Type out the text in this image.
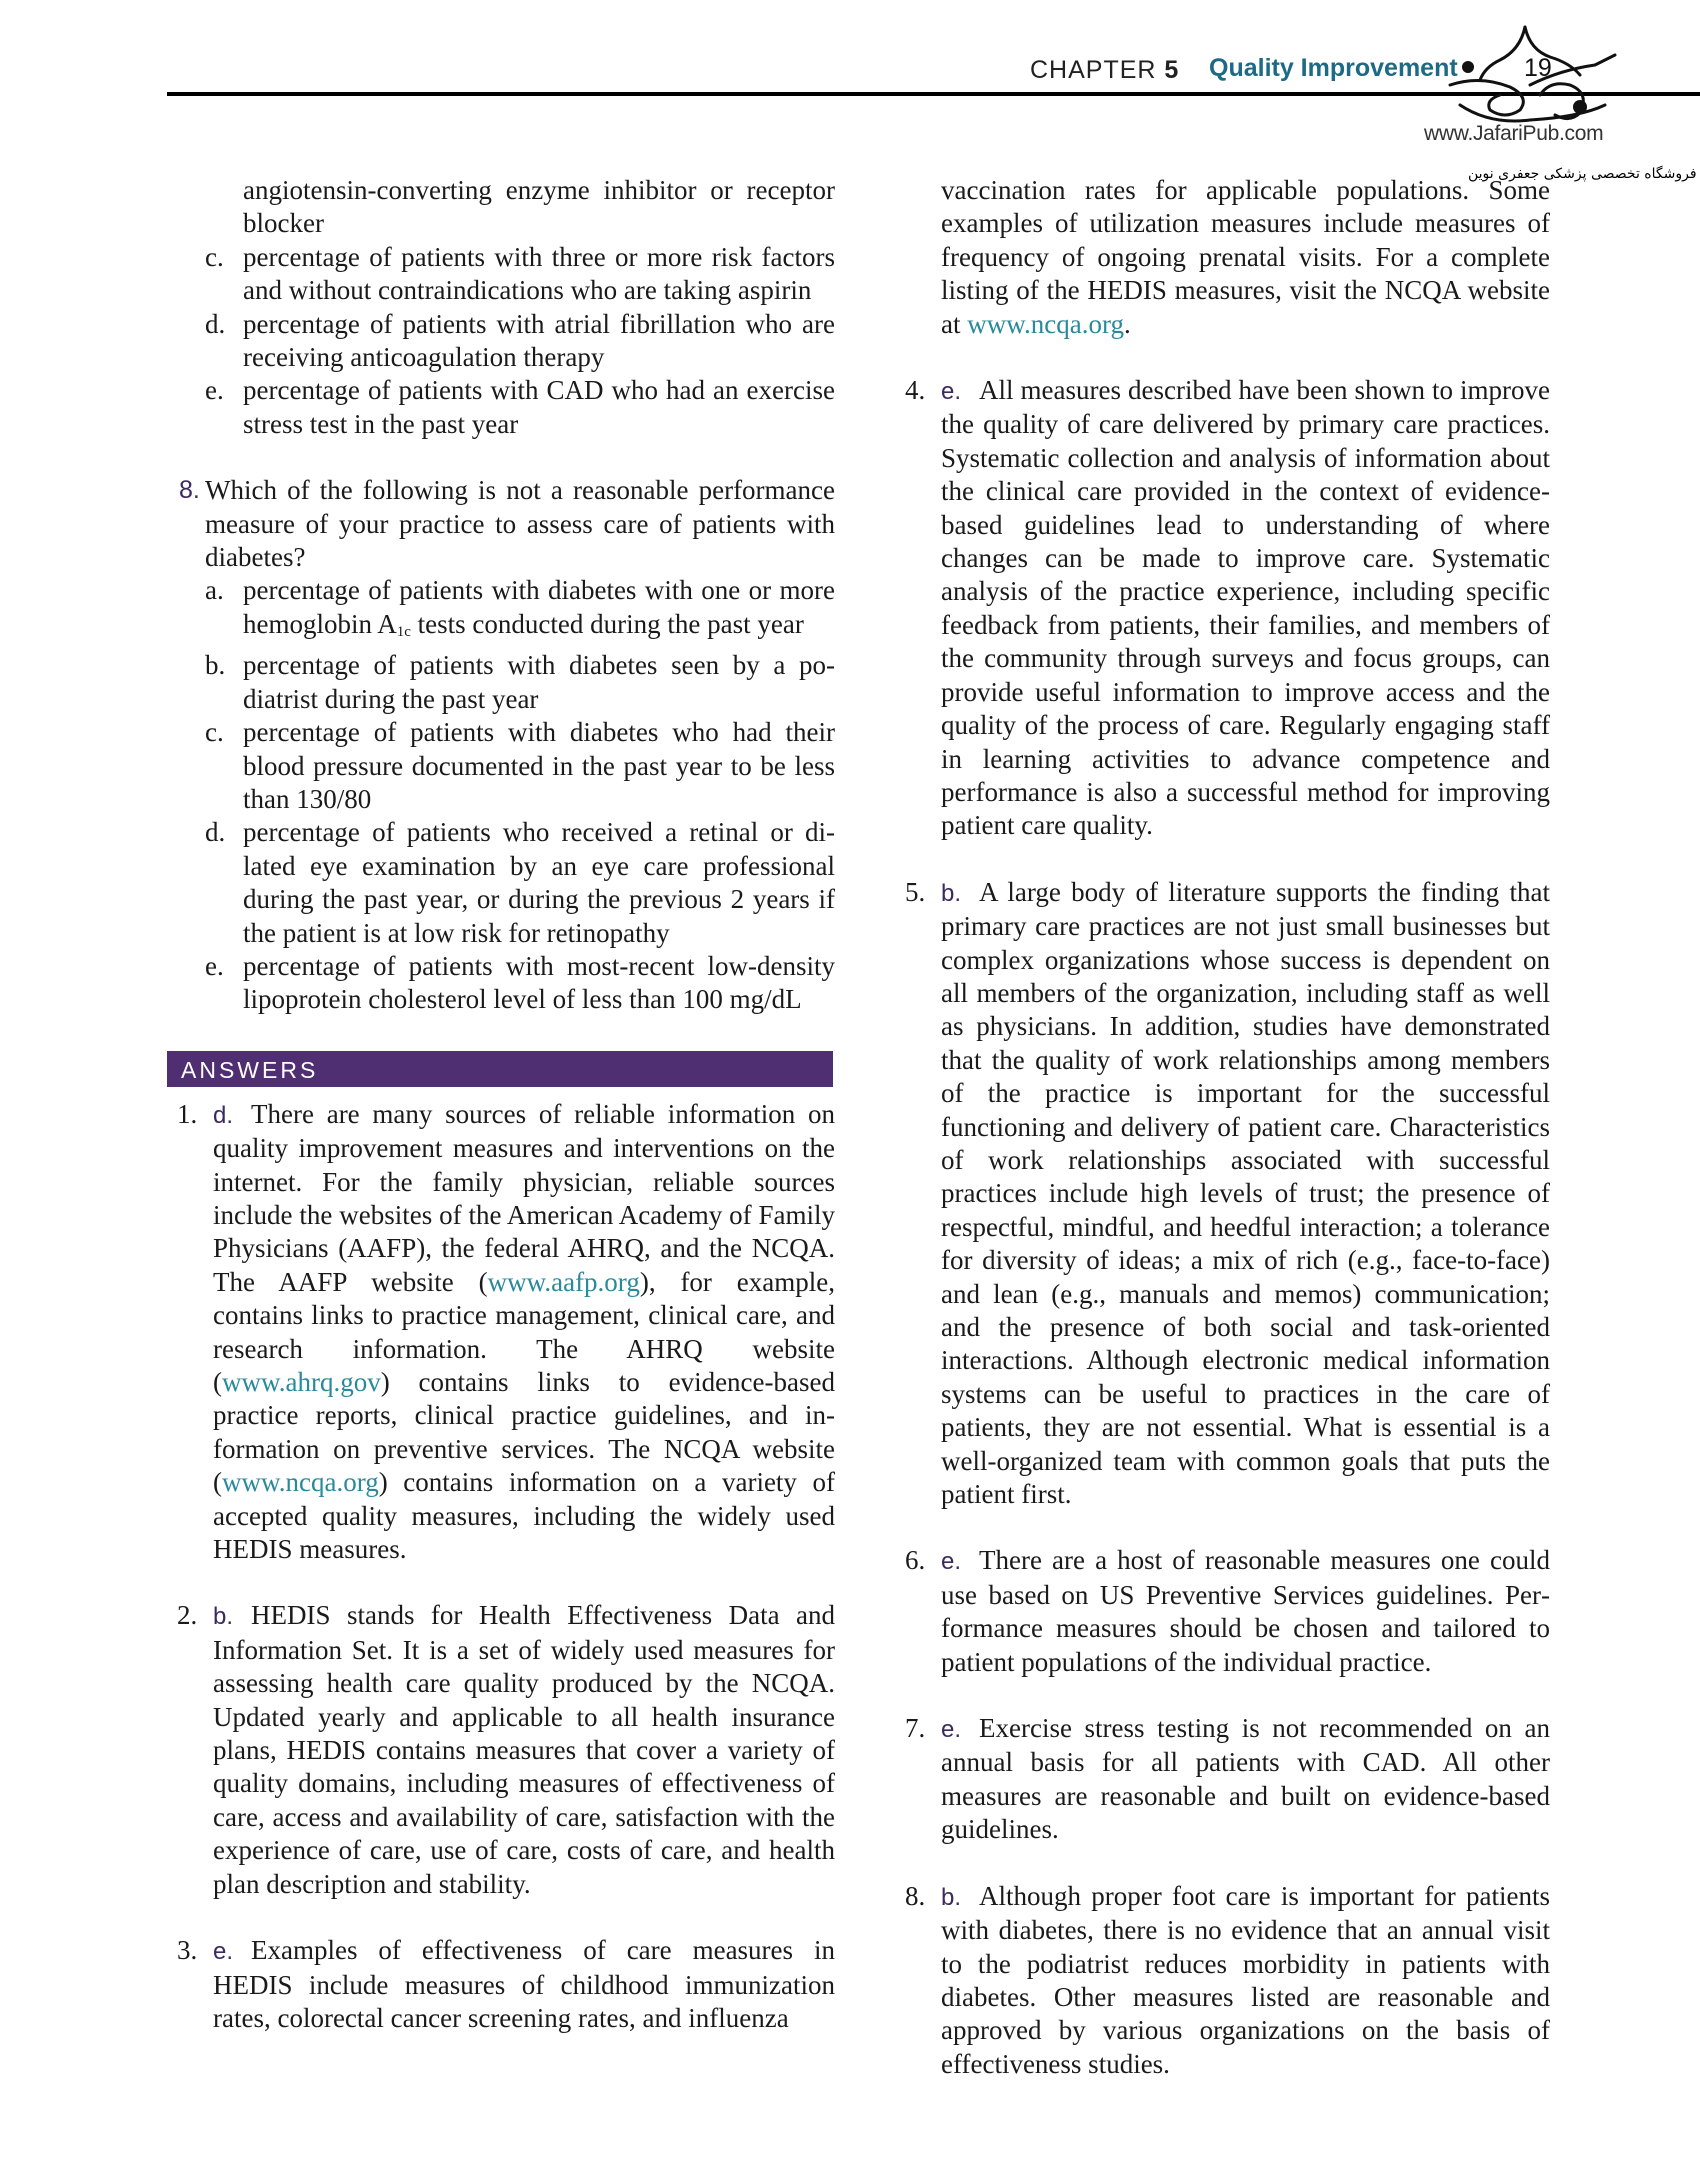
CHAPTER 5 Quality Improvement	19
www.JafariPub.com
فروشگاه تخصصی پزشکی جعفری نوین
angiotensin-converting enzyme inhibitor or receptor blocker
c. percentage of patients with three or more risk factors and without contraindications who are taking aspirin
d. percentage of patients with atrial fibrillation who are receiving anticoagulation therapy
e. percentage of patients with CAD who had an exercise stress test in the past year
8. Which of the following is not a reasonable performance measure of your practice to assess care of patients with diabetes?
a. percentage of patients with diabetes with one or more hemoglobin $A_{1c}$ tests conducted during the past year
b. percentage of patients with diabetes seen by a podiatrist during the past year
c. percentage of patients with diabetes who had their blood pressure documented in the past year to be less than 130/80
d. percentage of patients who received a retinal or dilated eye examination by an eye care professional during the past year, or during the previous 2 years if the patient is at low risk for retinopathy
e. percentage of patients with most-recent low-density lipoprotein cholesterol level of less than 100 mg/dL
ANSWERS
1. d. There are many sources of reliable information on quality improvement measures and interventions on the internet. For the family physician, reliable sources include the websites of the American Academy of Family Physicians (AAFP), the federal AHRQ, and the NCQA. The AAFP website (www.aafp.org), for example, contains links to practice management, clinical care, and research information. The AHRQ website (www.ahrq.gov) contains links to evidence-based practice reports, clinical practice guidelines, and information on preventive services. The NCQA website (www.ncqa.org) contains information on a variety of accepted quality measures, including the widely used HEDIS measures.
2. b. HEDIS stands for Health Effectiveness Data and Information Set. It is a set of widely used measures for assessing health care quality produced by the NCQA. Updated yearly and applicable to all health insurance plans, HEDIS contains measures that cover a variety of quality domains, including measures of effectiveness of care, access and availability of care, satisfaction with the experience of care, use of care, costs of care, and health plan description and stability.
3. e. Examples of effectiveness of care measures in HEDIS include measures of childhood immunization rates, colorectal cancer screening rates, and influenza
vaccination rates for applicable populations. Some examples of utilization measures include measures of frequency of ongoing prenatal visits. For a complete listing of the HEDIS measures, visit the NCQA website at www.ncqa.org.
4. e. All measures described have been shown to improve the quality of care delivered by primary care practices. Systematic collection and analysis of information about the clinical care provided in the context of evidence-based guidelines lead to understanding of where changes can be made to improve care. Systematic analysis of the practice experience, including specific feedback from patients, their families, and members of the community through surveys and focus groups, can provide useful information to improve access and the quality of the process of care. Regularly engaging staff in learning activities to advance competence and performance is also a successful method for improving patient care quality.
5. b. A large body of literature supports the finding that primary care practices are not just small businesses but complex organizations whose success is dependent on all members of the organization, including staff as well as physicians. In addition, studies have demonstrated that the quality of work relationships among members of the practice is important for the successful functioning and delivery of patient care. Characteristics of work relationships associated with successful practices include high levels of trust; the presence of respectful, mindful, and heedful interaction; a tolerance for diversity of ideas; a mix of rich (e.g., face-to-face) and lean (e.g., manuals and memos) communication; and the presence of both social and task-oriented interactions. Although electronic medical information systems can be useful to practices in the care of patients, they are not essential. What is essential is a well-organized team with common goals that puts the patient first.
6. e. There are a host of reasonable measures one could use based on US Preventive Services guidelines. Performance measures should be chosen and tailored to patient populations of the individual practice.
7. e. Exercise stress testing is not recommended on an annual basis for all patients with CAD. All other measures are reasonable and built on evidence-based guidelines.
8. b. Although proper foot care is important for patients with diabetes, there is no evidence that an annual visit to the podiatrist reduces morbidity in patients with diabetes. Other measures listed are reasonable and approved by various organizations on the basis of effectiveness studies.
